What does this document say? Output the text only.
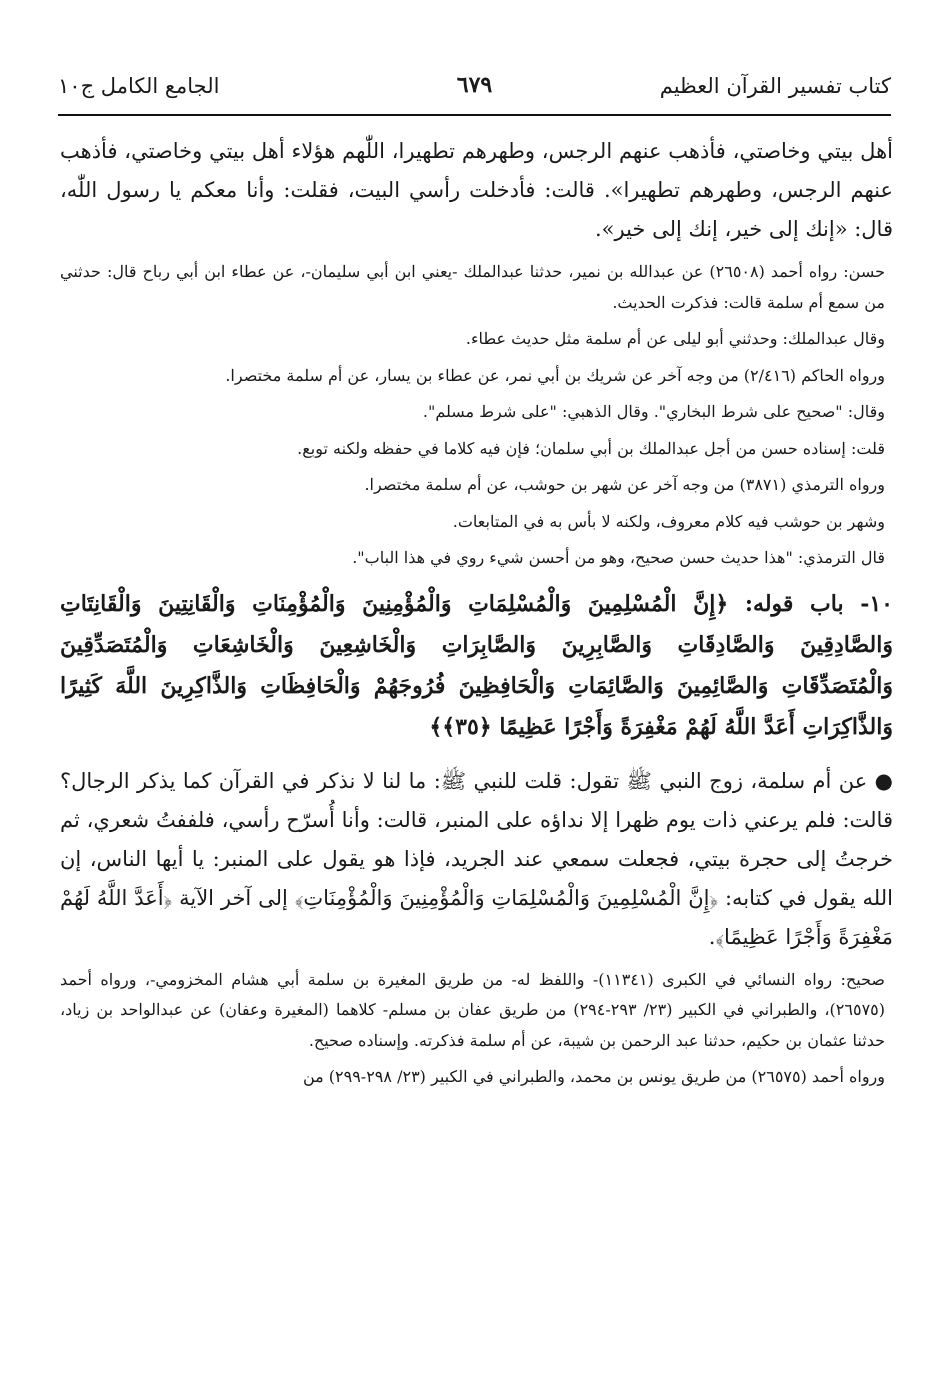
كتاب تفسير القرآن العظيم
٦٧٩
الجامع الكامل ج١٠

أهل بيتي وخاصتي، فأذهب عنهم الرجس، وطهرهم تطهيرا، اللّٰهم هؤلاء أهل بيتي وخاصتي، فأذهب عنهم الرجس، وطهرهم تطهيرا». قالت: فأدخلت رأسي البيت، فقلت: وأنا معكم يا رسول اللّٰه، قال: «إنك إلى خير، إنك إلى خير».

حسن: رواه أحمد (٢٦٥٠٨) عن عبدالله بن نمير، حدثنا عبدالملك -يعني ابن أبي سليمان-، عن عطاء ابن أبي رباح قال: حدثني من سمع أم سلمة قالت: فذكرت الحديث.

وقال عبدالملك: وحدثني أبو ليلى عن أم سلمة مثل حديث عطاء.

ورواه الحاكم (٢/٤١٦) من وجه آخر عن شريك بن أبي نمر، عن عطاء بن يسار، عن أم سلمة مختصرا.

وقال: "صحيح على شرط البخاري". وقال الذهبي: "على شرط مسلم".

قلت: إسناده حسن من أجل عبدالملك بن أبي سلمان؛ فإن فيه كلاما في حفظه ولكنه توبع.

ورواه الترمذي (٣٨٧١) من وجه آخر عن شهر بن حوشب، عن أم سلمة مختصرا.

وشهر بن حوشب فيه كلام معروف، ولكنه لا بأس به في المتابعات.

قال الترمذي: "هذا حديث حسن صحيح، وهو من أحسن شيء روي في هذا الباب".

١٠- باب قوله: ﴿إِنَّ الْمُسْلِمِينَ وَالْمُسْلِمَاتِ وَالْمُؤْمِنِينَ وَالْمُؤْمِنَاتِ وَالْقَانِتِينَ وَالْقَانِتَاتِ وَالصَّادِقِينَ وَالصَّادِقَاتِ وَالصَّابِرِينَ وَالصَّابِرَاتِ وَالْخَاشِعِينَ وَالْخَاشِعَاتِ وَالْمُتَصَدِّقِينَ وَالْمُتَصَدِّقَاتِ وَالصَّائِمِينَ وَالصَّائِمَاتِ وَالْحَافِظِينَ فُرُوجَهُمْ وَالْحَافِظَاتِ وَالذَّاكِرِينَ اللَّهَ كَثِيرًا وَالذَّاكِرَاتِ أَعَدَّ اللَّهُ لَهُمْ مَغْفِرَةً وَأَجْرًا عَظِيمًا ﴿٣٥﴾﴾

● عن أم سلمة، زوج النبي ﷺ تقول: قلت للنبي ﷺ: ما لنا لا نذكر في القرآن كما يذكر الرجال؟ قالت: فلم يرعني ذات يوم ظهرا إلا نداؤه على المنبر، قالت: وأنا أُسرّح رأسي، فلففتُ شعري، ثم خرجتُ إلى حجرة بيتي، فجعلت سمعي عند الجريد، فإذا هو يقول على المنبر: يا أيها الناس، إن الله يقول في كتابه: ﴿إِنَّ الْمُسْلِمِينَ وَالْمُسْلِمَاتِ وَالْمُؤْمِنِينَ وَالْمُؤْمِنَاتِ﴾ إلى آخر الآية ﴿أَعَدَّ اللَّهُ لَهُمْ مَغْفِرَةً وَأَجْرًا عَظِيمًا﴾.

صحيح: رواه النسائي في الكبرى (١١٣٤١)- واللفظ له- من طريق المغيرة بن سلمة أبي هشام المخزومي-، ورواه أحمد (٢٦٥٧٥)، والطبراني في الكبير (٢٣/ ٢٩٣-٢٩٤) من طريق عفان بن مسلم- كلاهما (المغيرة وعفان) عن عبدالواحد بن زياد، حدثنا عثمان بن حكيم، حدثنا عبد الرحمن بن شيبة، عن أم سلمة فذكرته. وإسناده صحيح.

ورواه أحمد (٢٦٥٧٥) من طريق يونس بن محمد، والطبراني في الكبير (٢٣/ ٢٩٨-٢٩٩) من
